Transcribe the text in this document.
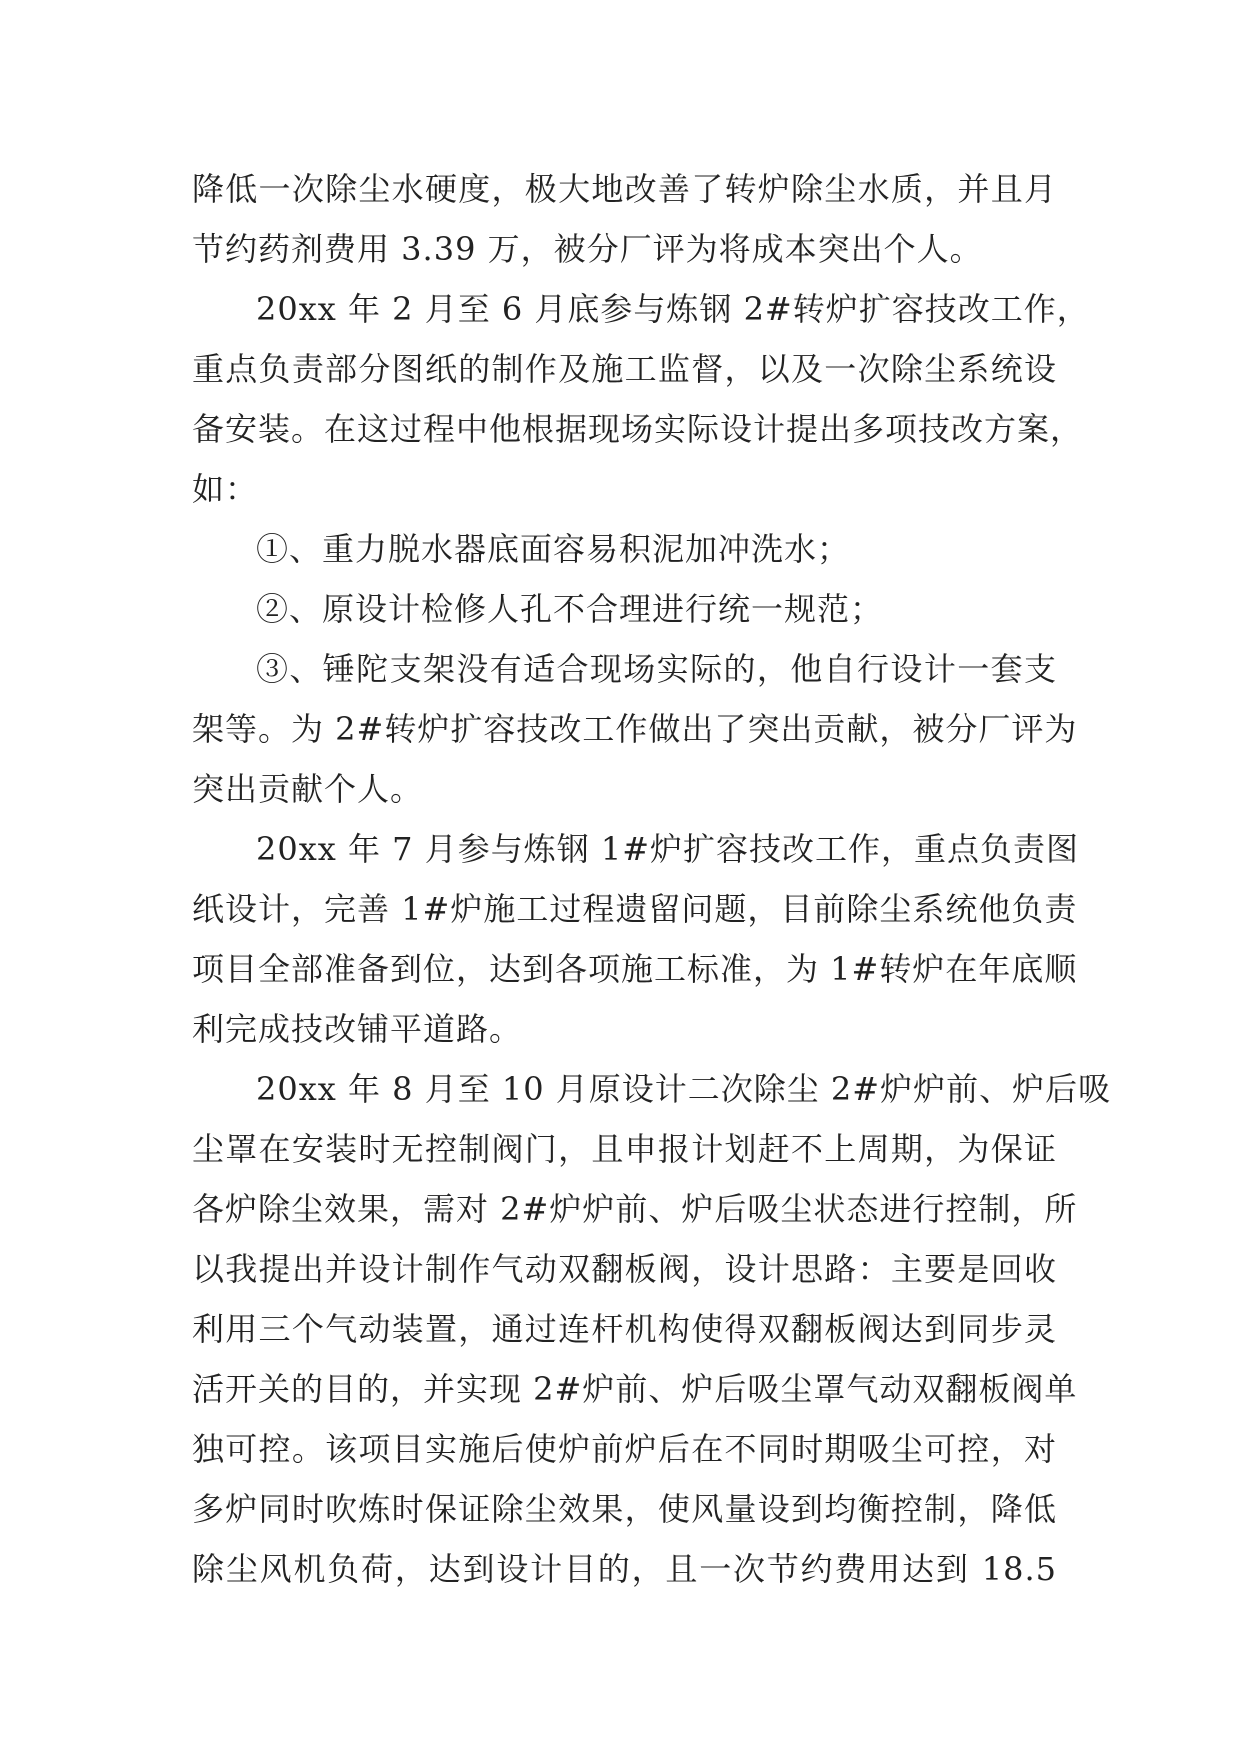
降低一次除尘水硬度，极大地改善了转炉除尘水质，并且月
节约药剂费用 3.39 万，被分厂评为将成本突出个人。
20xx 年 2 月至 6 月底参与炼钢 2#转炉扩容技改工作，
重点负责部分图纸的制作及施工监督，以及一次除尘系统设
备安装。在这过程中他根据现场实际设计提出多项技改方案，
如：
①、重力脱水器底面容易积泥加冲洗水；
②、原设计检修人孔不合理进行统一规范；
③、锤陀支架没有适合现场实际的，他自行设计一套支
架等。为 2#转炉扩容技改工作做出了突出贡献，被分厂评为
突出贡献个人。
20xx 年 7 月参与炼钢 1#炉扩容技改工作，重点负责图
纸设计，完善 1#炉施工过程遗留问题，目前除尘系统他负责
项目全部准备到位，达到各项施工标准，为 1#转炉在年底顺
利完成技改铺平道路。
20xx 年 8 月至 10 月原设计二次除尘 2#炉炉前、炉后吸
尘罩在安装时无控制阀门，且申报计划赶不上周期，为保证
各炉除尘效果，需对 2#炉炉前、炉后吸尘状态进行控制，所
以我提出并设计制作气动双翻板阀，设计思路：主要是回收
利用三个气动装置，通过连杆机构使得双翻板阀达到同步灵
活开关的目的，并实现 2#炉前、炉后吸尘罩气动双翻板阀单
独可控。该项目实施后使炉前炉后在不同时期吸尘可控，对
多炉同时吹炼时保证除尘效果，使风量设到均衡控制，降低
除尘风机负荷，达到设计目的，且一次节约费用达到 18.5
